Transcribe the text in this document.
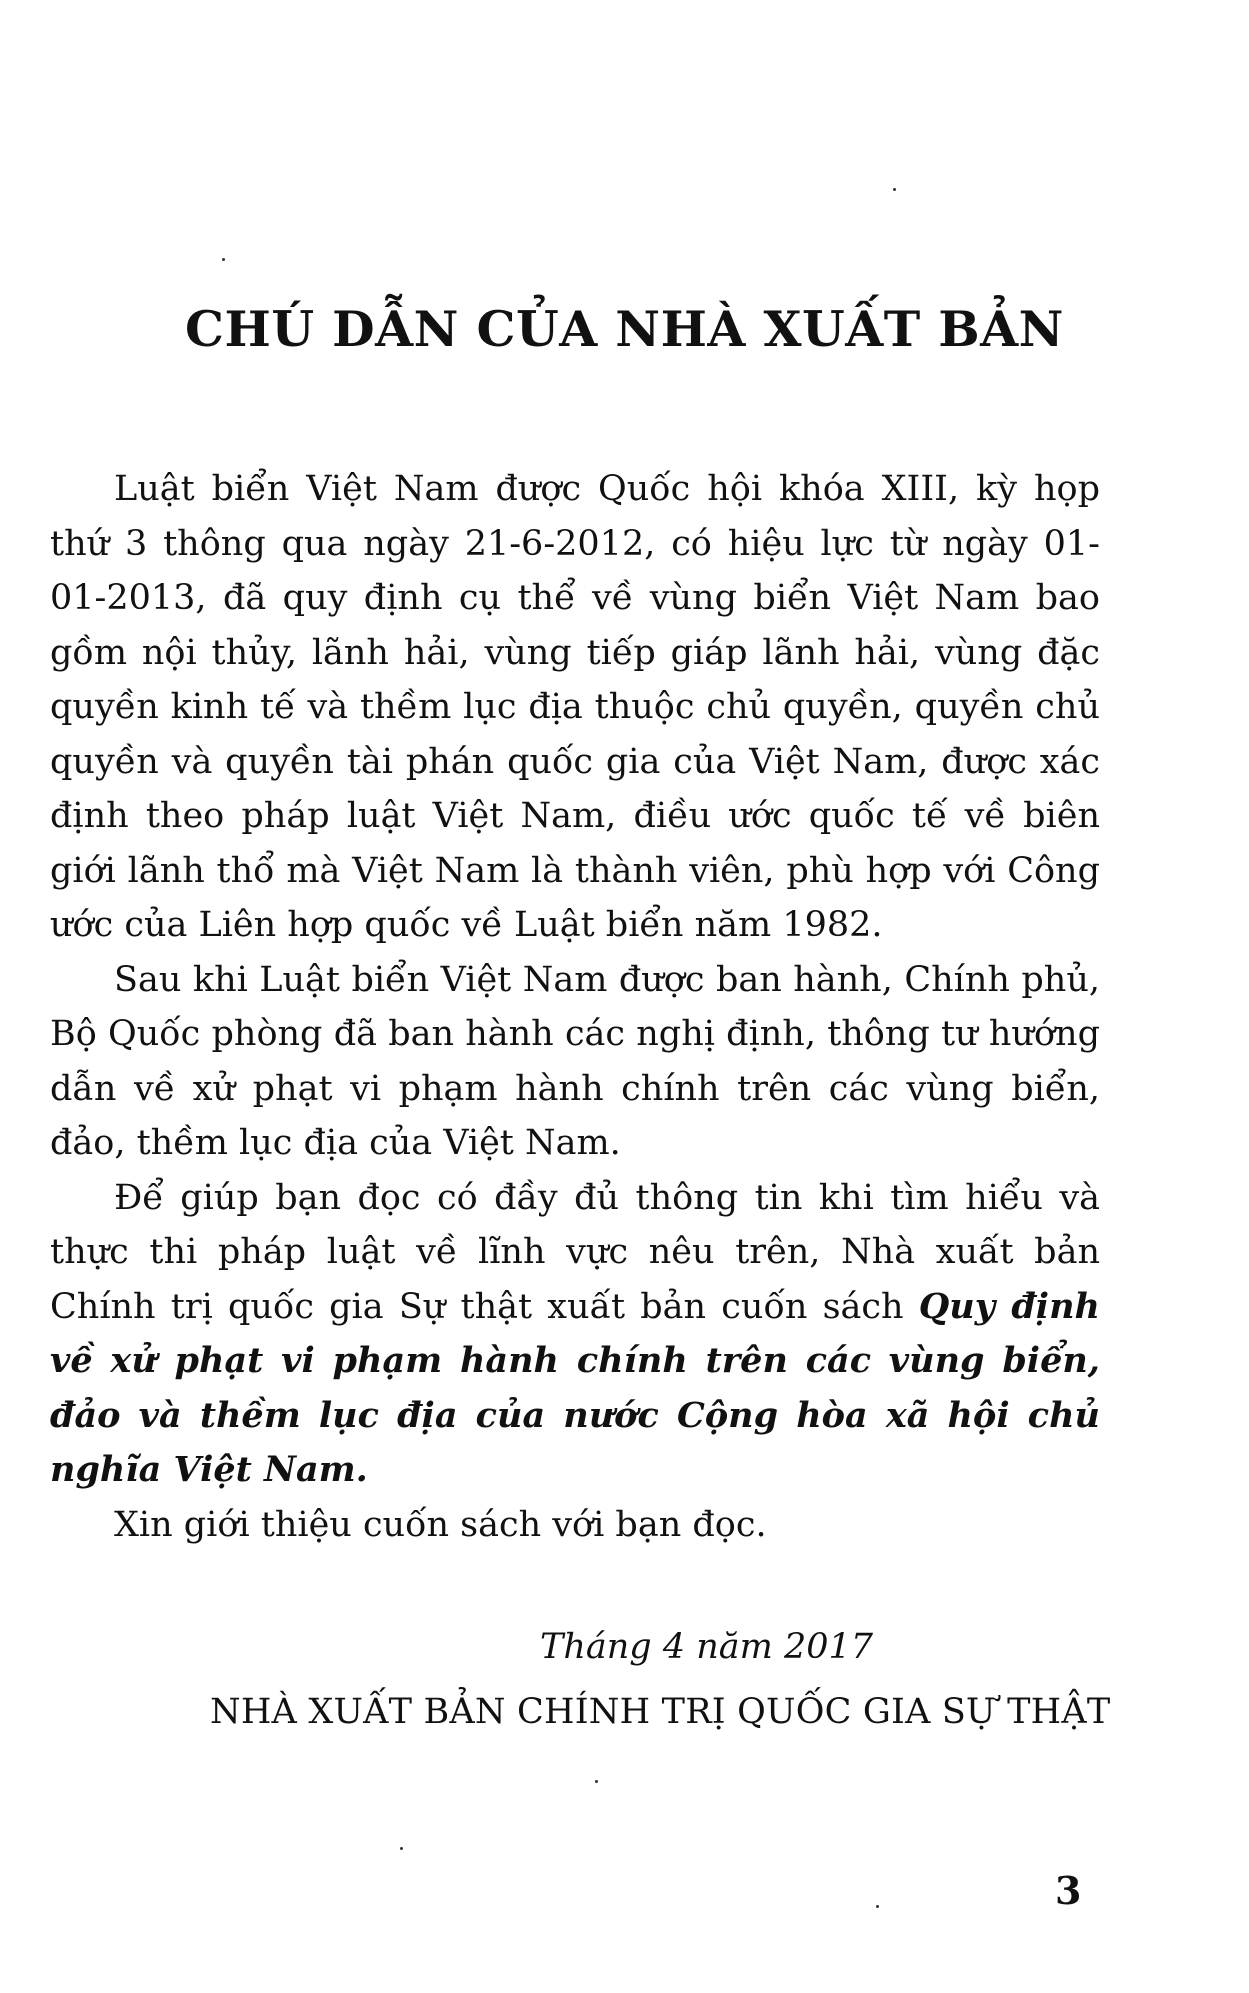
CHÚ DẪN CỦA NHÀ XUẤT BẢN

Luật biển Việt Nam được Quốc hội khóa XIII, kỳ họp thứ 3 thông qua ngày 21-6-2012, có hiệu lực từ ngày 01-01-2013, đã quy định cụ thể về vùng biển Việt Nam bao gồm nội thủy, lãnh hải, vùng tiếp giáp lãnh hải, vùng đặc quyền kinh tế và thềm lục địa thuộc chủ quyền, quyền chủ quyền và quyền tài phán quốc gia của Việt Nam, được xác định theo pháp luật Việt Nam, điều ước quốc tế về biên giới lãnh thổ mà Việt Nam là thành viên, phù hợp với Công ước của Liên hợp quốc về Luật biển năm 1982.

Sau khi Luật biển Việt Nam được ban hành, Chính phủ, Bộ Quốc phòng đã ban hành các nghị định, thông tư hướng dẫn về xử phạt vi phạm hành chính trên các vùng biển, đảo, thềm lục địa của Việt Nam.

Để giúp bạn đọc có đầy đủ thông tin khi tìm hiểu và thực thi pháp luật về lĩnh vực nêu trên, Nhà xuất bản Chính trị quốc gia Sự thật xuất bản cuốn sách Quy định về xử phạt vi phạm hành chính trên các vùng biển, đảo và thềm lục địa của nước Cộng hòa xã hội chủ nghĩa Việt Nam.

Xin giới thiệu cuốn sách với bạn đọc.

Tháng 4 năm 2017

NHÀ XUẤT BẢN CHÍNH TRỊ QUỐC GIA SỰ THẬT

3
